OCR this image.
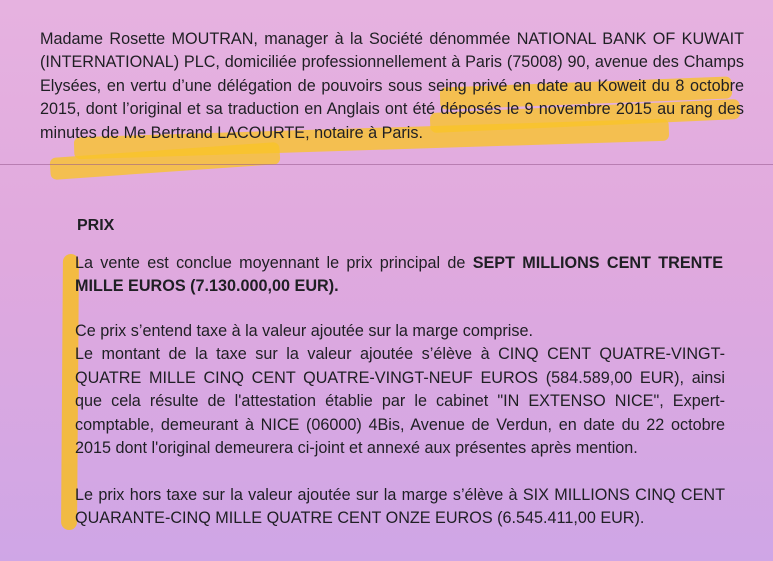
Madame Rosette MOUTRAN, manager à la Société dénommée NATIONAL BANK OF KUWAIT (INTERNATIONAL) PLC, domiciliée professionnellement à Paris (75008) 90, avenue des Champs Elysées, en vertu d’une délégation de pouvoirs sous seing privé en date au Koweit du 8 octobre 2015, dont l’original et sa traduction en Anglais ont été déposés le 9 novembre 2015 au rang des minutes de Me Bertrand LACOURTE, notaire à Paris.

PRIX

La vente est conclue moyennant le prix principal de SEPT MILLIONS CENT TRENTE MILLE EUROS (7.130.000,00 EUR).

Ce prix s’entend taxe à la valeur ajoutée sur la marge comprise.
Le montant de la taxe sur la valeur ajoutée s’élève à CINQ CENT QUATRE-VINGT-QUATRE MILLE CINQ CENT QUATRE-VINGT-NEUF EUROS (584.589,00 EUR), ainsi que cela résulte de l'attestation établie par le cabinet "IN EXTENSO NICE", Expert-comptable, demeurant à NICE (06000) 4Bis, Avenue de Verdun, en date du 22 octobre 2015 dont l'original demeurera ci-joint et annexé aux présentes après mention.

Le prix hors taxe sur la valeur ajoutée sur la marge s’élève à SIX MILLIONS CINQ CENT QUARANTE-CINQ MILLE QUATRE CENT ONZE EUROS (6.545.411,00 EUR).
